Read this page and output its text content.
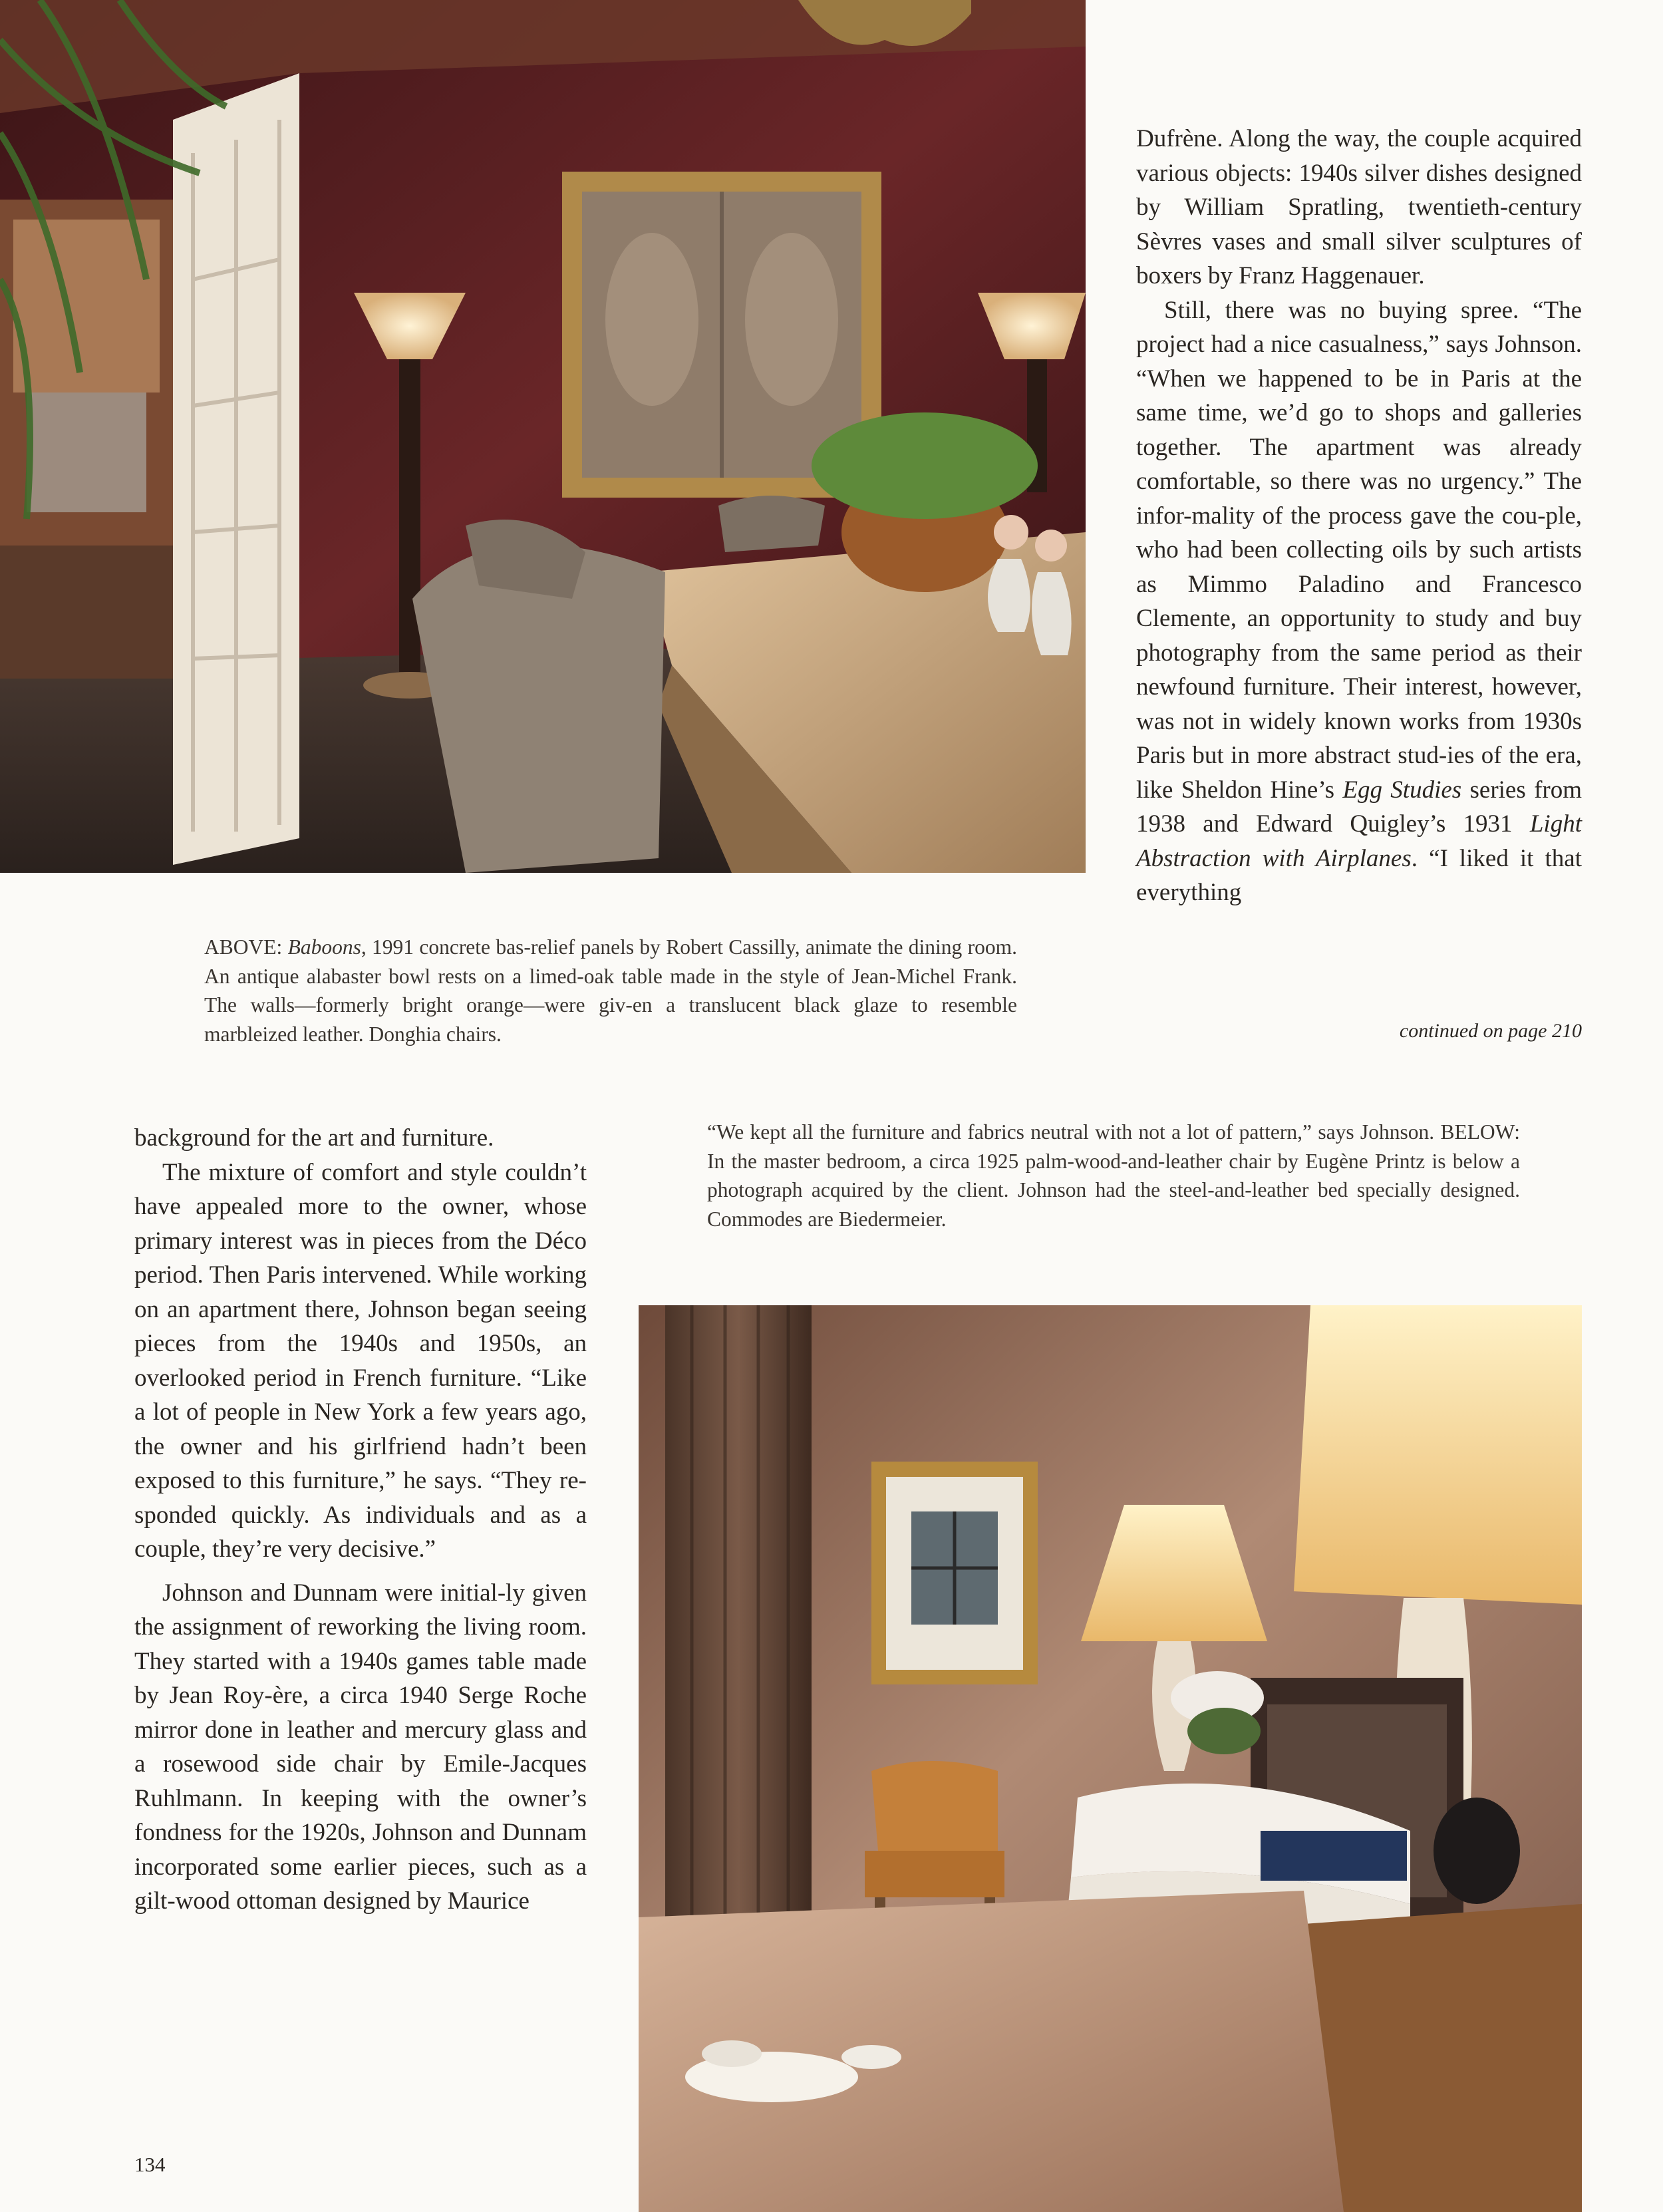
Dufrène. Along the way, the couple acquired various objects: 1940s silver dishes designed by William Spratling, twentieth-century Sèvres vases and small silver sculptures of boxers by Franz Haggenauer.

Still, there was no buying spree. “The project had a nice casualness,” says Johnson. “When we happened to be in Paris at the same time, we’d go to shops and galleries together. The apartment was already comfortable, so there was no urgency.” The infor-mality of the process gave the cou-ple, who had been collecting oils by such artists as Mimmo Paladino and Francesco Clemente, an opportunity to study and buy photography from the same period as their newfound furniture. Their interest, however, was not in widely known works from 1930s Paris but in more abstract stud-ies of the era, like Sheldon Hine’s Egg Studies series from 1938 and Edward Quigley’s 1931 Light Abstraction with Airplanes. “I liked it that everything

continued on page 210
ABOVE: Baboons, 1991 concrete bas-relief panels by Robert Cassilly, animate the dining room. An antique alabaster bowl rests on a limed-oak table made in the style of Jean-Michel Frank. The walls—formerly bright orange—were giv-en a translucent black glaze to resemble marbleized leather. Donghia chairs.

background for the art and furniture.

The mixture of comfort and style couldn’t have appealed more to the owner, whose primary interest was in pieces from the Déco period. Then Paris intervened. While working on an apartment there, Johnson began seeing pieces from the 1940s and 1950s, an overlooked period in French furniture. “Like a lot of people in New York a few years ago, the owner and his girlfriend hadn’t been exposed to this furniture,” he says. “They re-sponded quickly. As individuals and as a couple, they’re very decisive.”

Johnson and Dunnam were initial-ly given the assignment of reworking the living room. They started with a 1940s games table made by Jean Roy-ère, a circa 1940 Serge Roche mirror done in leather and mercury glass and a rosewood side chair by Emile-Jacques Ruhlmann. In keeping with the owner’s fondness for the 1920s, Johnson and Dunnam incorporated some earlier pieces, such as a gilt-wood ottoman designed by Maurice

“We kept all the furniture and fabrics neutral with not a lot of pattern,” says Johnson. BELOW: In the master bedroom, a circa 1925 palm-wood-and-leather chair by Eugène Printz is below a photograph acquired by the client. Johnson had the steel-and-leather bed specially designed. Commodes are Biedermeier.
134
